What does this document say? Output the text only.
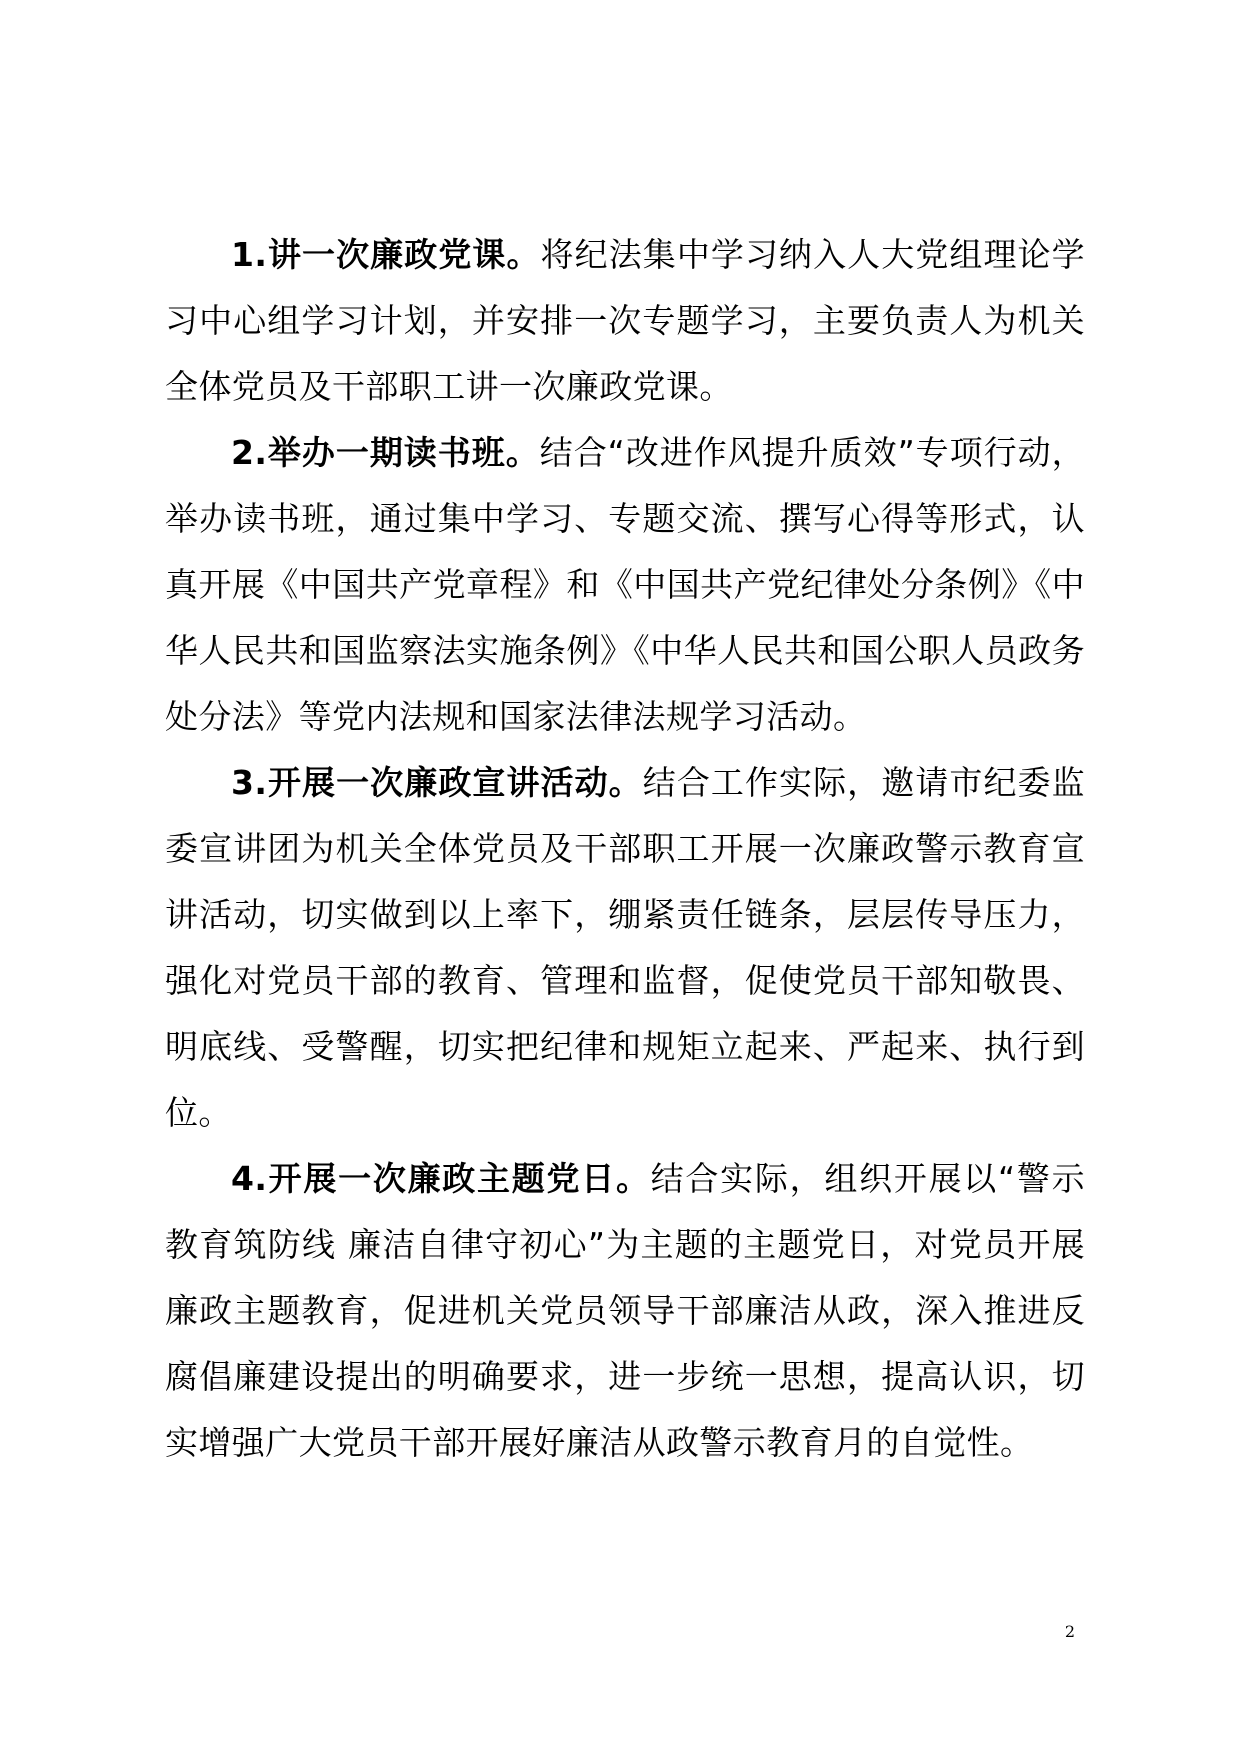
1.讲一次廉政党课。将纪法集中学习纳入人大党组理论学习中心组学习计划，并安排一次专题学习，主要负责人为机关全体党员及干部职工讲一次廉政党课。

2.举办一期读书班。结合“改进作风提升质效”专项行动，举办读书班，通过集中学习、专题交流、撰写心得等形式，认真开展《中国共产党章程》和《中国共产党纪律处分条例》《中华人民共和国监察法实施条例》《中华人民共和国公职人员政务处分法》等党内法规和国家法律法规学习活动。

3.开展一次廉政宣讲活动。结合工作实际，邀请市纪委监委宣讲团为机关全体党员及干部职工开展一次廉政警示教育宣讲活动，切实做到以上率下，绷紧责任链条，层层传导压力，强化对党员干部的教育、管理和监督，促使党员干部知敬畏、明底线、受警醒，切实把纪律和规矩立起来、严起来、执行到位。

4.开展一次廉政主题党日。结合实际，组织开展以“警示教育筑防线 廉洁自律守初心”为主题的主题党日，对党员开展廉政主题教育，促进机关党员领导干部廉洁从政，深入推进反腐倡廉建设提出的明确要求，进一步统一思想，提高认识，切实增强广大党员干部开展好廉洁从政警示教育月的自觉性。

2
